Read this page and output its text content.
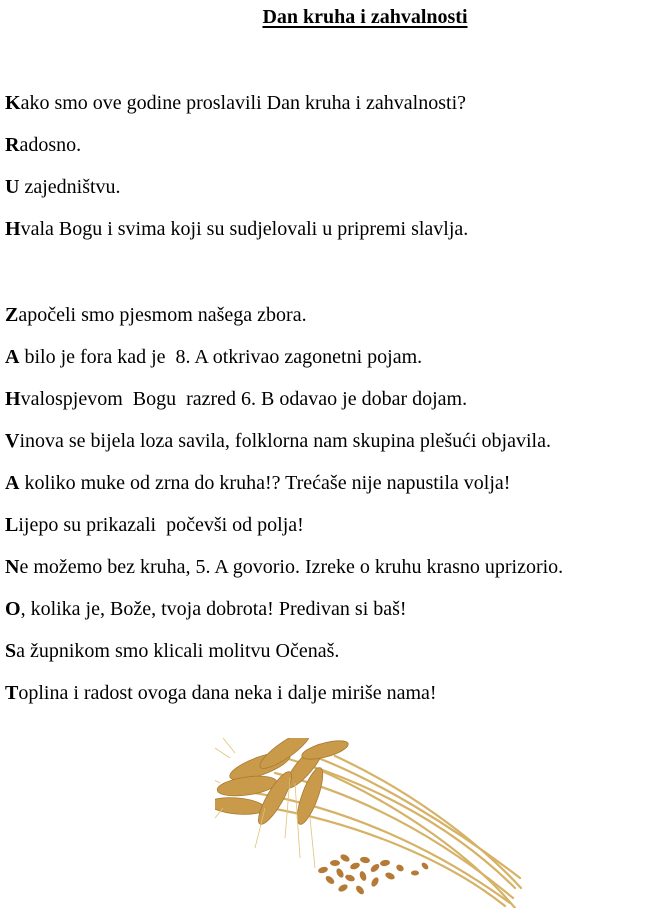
Dan kruha i zahvalnosti

Kako smo ove godine proslavili Dan kruha i zahvalnosti?

Radosno.

U zajedništvu.

Hvala Bogu i svima koji su sudjelovali u pripremi slavlja.

Započeli smo pjesmom našega zbora.

A bilo je fora kad je  8. A otkrivao zagonetni pojam.

Hvalospjevom  Bogu  razred 6. B odavao je dobar dojam.

Vinova se bijela loza savila, folklorna nam skupina plešući objavila.

A koliko muke od zrna do kruha!? Trećaše nije napustila volja!

Lijepo su prikazali  počevši od polja!

Ne možemo bez kruha, 5. A govorio. Izreke o kruhu krasno uprizorio.

O, kolika je, Bože, tvoja dobrota! Predivan si baš!

Sa župnikom smo klicali molitvu Očenaš.

Toplina i radost ovoga dana neka i dalje miriše nama!
